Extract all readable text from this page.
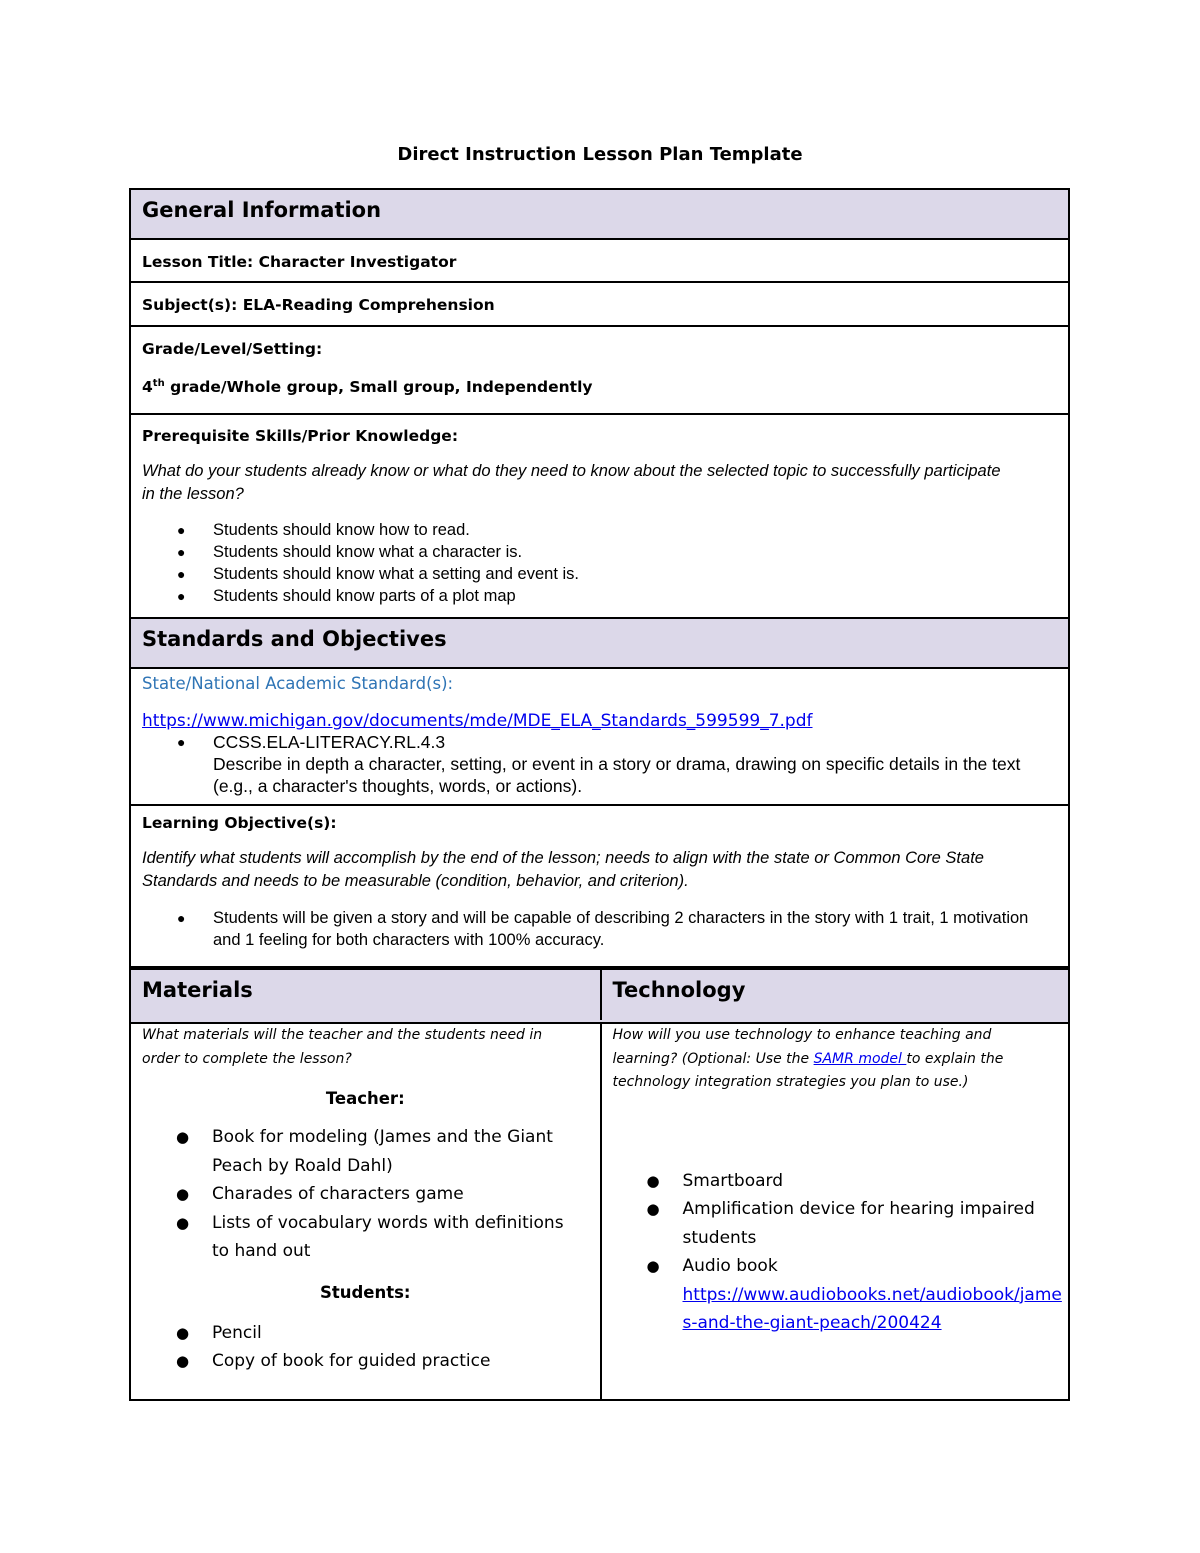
Direct Instruction Lesson Plan Template
General Information
Lesson Title: Character Investigator
Subject(s): ELA-Reading Comprehension
Grade/Level/Setting:
4th grade/Whole group, Small group, Independently
Prerequisite Skills/Prior Knowledge:
What do your students already know or what do they need to know about the selected topic to successfully participate in the lesson?
● Students should know how to read.
● Students should know what a character is.
● Students should know what a setting and event is.
● Students should know parts of a plot map
Standards and Objectives
State/National Academic Standard(s):
https://www.michigan.gov/documents/mde/MDE_ELA_Standards_599599_7.pdf
● CCSS.ELA-LITERACY.RL.4.3
Describe in depth a character, setting, or event in a story or drama, drawing on specific details in the text (e.g., a character's thoughts, words, or actions).
Learning Objective(s):
Identify what students will accomplish by the end of the lesson; needs to align with the state or Common Core State Standards and needs to be measurable (condition, behavior, and criterion).
● Students will be given a story and will be capable of describing 2 characters in the story with 1 trait, 1 motivation and 1 feeling for both characters with 100% accuracy.
Materials	Technology
What materials will the teacher and the students need in order to complete the lesson?
Teacher:
● Book for modeling (James and the Giant Peach by Roald Dahl)
● Charades of characters game
● Lists of vocabulary words with definitions to hand out
Students:
● Pencil
● Copy of book for guided practice
How will you use technology to enhance teaching and learning? (Optional: Use the SAMR model to explain the technology integration strategies you plan to use.)
● Smartboard
● Amplification device for hearing impaired students
● Audio book
https://www.audiobooks.net/audiobook/james-and-the-giant-peach/200424
